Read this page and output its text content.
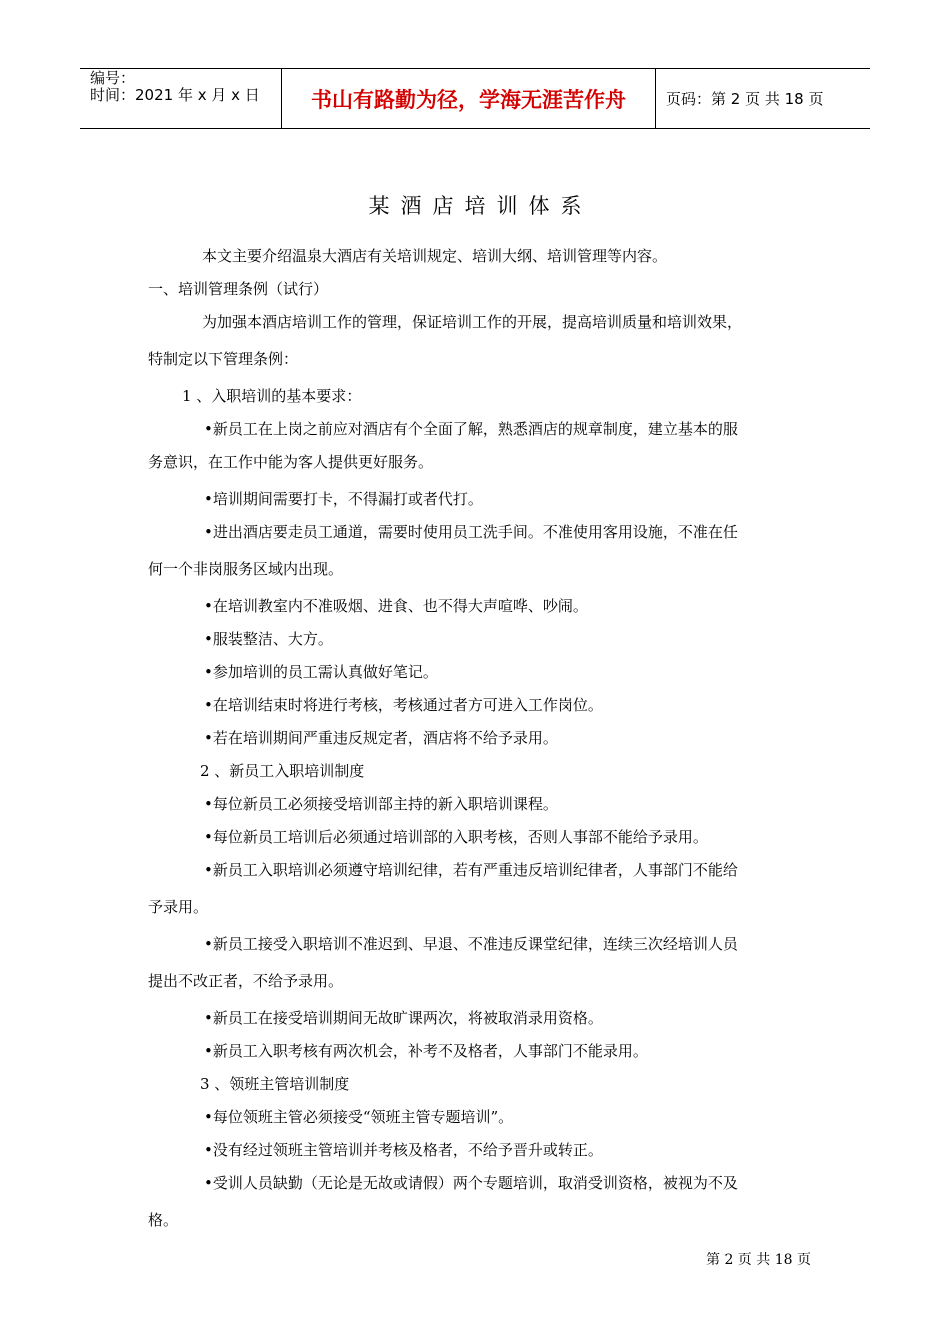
编号：
时间：2021 年 x 月 x 日	书山有路勤为径，学海无涯苦作舟	页码：第 2 页 共 18 页
某酒店培训体系
本文主要介绍温泉大酒店有关培训规定、培训大纲、培训管理等内容。
一、培训管理条例（试行）
为加强本酒店培训工作的管理，保证培训工作的开展，提高培训质量和培训效果，
特制定以下管理条例：
1 、入职培训的基本要求：
•新员工在上岗之前应对酒店有个全面了解，熟悉酒店的规章制度，建立基本的服
务意识，在工作中能为客人提供更好服务。
•培训期间需要打卡，不得漏打或者代打。
•进出酒店要走员工通道，需要时使用员工洗手间。不准使用客用设施，不准在任
何一个非岗服务区域内出现。
•在培训教室内不准吸烟、进食、也不得大声喧哗、吵闹。
•服装整洁、大方。
•参加培训的员工需认真做好笔记。
•在培训结束时将进行考核，考核通过者方可进入工作岗位。
•若在培训期间严重违反规定者，酒店将不给予录用。
2 、新员工入职培训制度
•每位新员工必须接受培训部主持的新入职培训课程。
•每位新员工培训后必须通过培训部的入职考核，否则人事部不能给予录用。
•新员工入职培训必须遵守培训纪律，若有严重违反培训纪律者，人事部门不能给
予录用。
•新员工接受入职培训不准迟到、早退、不准违反课堂纪律，连续三次经培训人员
提出不改正者，不给予录用。
•新员工在接受培训期间无故旷课两次，将被取消录用资格。
•新员工入职考核有两次机会，补考不及格者，人事部门不能录用。
3 、领班主管培训制度
•每位领班主管必须接受“领班主管专题培训”。
•没有经过领班主管培训并考核及格者，不给予晋升或转正。
•受训人员缺勤（无论是无故或请假）两个专题培训，取消受训资格，被视为不及
格。
第 2 页 共 18 页
